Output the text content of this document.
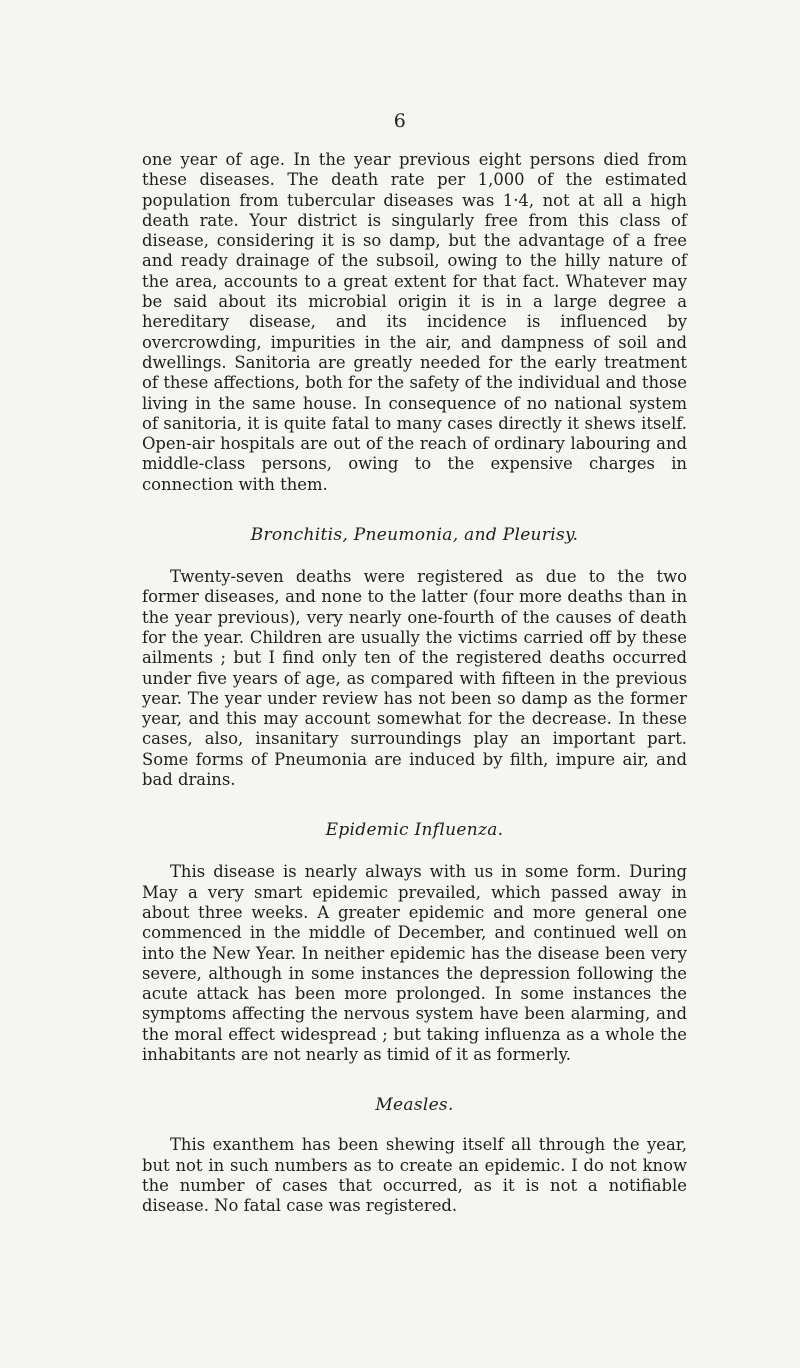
6

one year of age. In the year previous eight persons died from these diseases. The death rate per 1,000 of the estimated population from tubercular diseases was 1·4, not at all a high death rate. Your district is singularly free from this class of disease, considering it is so damp, but the advantage of a free and ready drainage of the subsoil, owing to the hilly nature of the area, accounts to a great extent for that fact. Whatever may be said about its microbial origin it is in a large degree a hereditary disease, and its incidence is influenced by overcrowding, impurities in the air, and dampness of soil and dwellings. Sanitoria are greatly needed for the early treatment of these affections, both for the safety of the individual and those living in the same house. In consequence of no national system of sanitoria, it is quite fatal to many cases directly it shews itself. Open-air hospitals are out of the reach of ordinary labouring and middle-class persons, owing to the expensive charges in connection with them.

Bronchitis, Pneumonia, and Pleurisy.

Twenty-seven deaths were registered as due to the two former diseases, and none to the latter (four more deaths than in the year previous), very nearly one-fourth of the causes of death for the year. Children are usually the victims carried off by these ailments ; but I find only ten of the registered deaths occurred under five years of age, as compared with fifteen in the previous year. The year under review has not been so damp as the former year, and this may account somewhat for the decrease. In these cases, also, insanitary surroundings play an important part. Some forms of Pneumonia are induced by filth, impure air, and bad drains.

Epidemic Influenza.

This disease is nearly always with us in some form. During May a very smart epidemic prevailed, which passed away in about three weeks. A greater epidemic and more general one commenced in the middle of December, and continued well on into the New Year. In neither epidemic has the disease been very severe, although in some instances the depression following the acute attack has been more prolonged. In some instances the symptoms affecting the nervous system have been alarming, and the moral effect widespread ; but taking influenza as a whole the inhabitants are not nearly as timid of it as formerly.

Measles.

This exanthem has been shewing itself all through the year, but not in such numbers as to create an epidemic. I do not know the number of cases that occurred, as it is not a notifiable disease. No fatal case was registered.
